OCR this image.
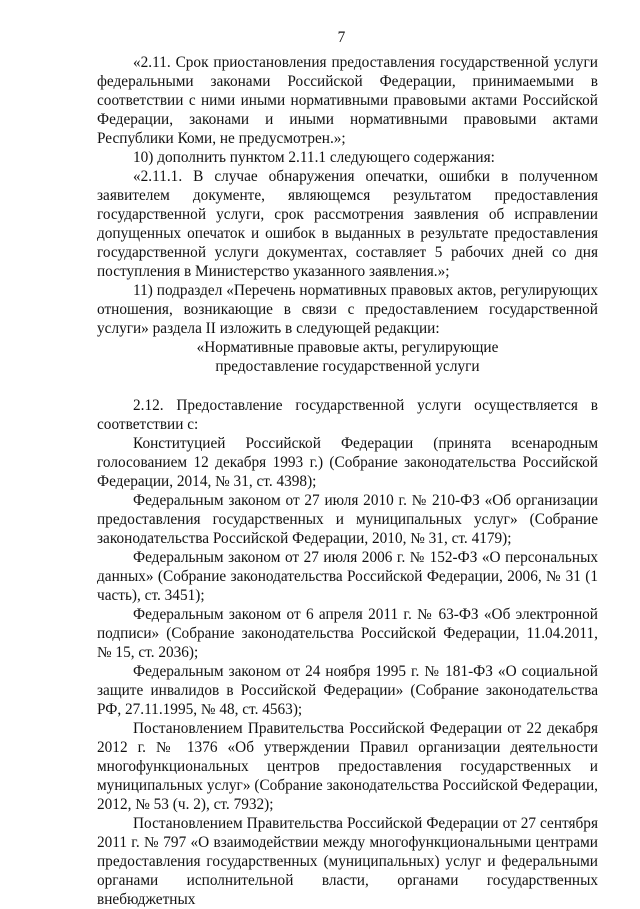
7

«2.11. Срок приостановления предоставления государственной услуги федеральными законами Российской Федерации, принимаемыми в соответствии с ними иными нормативными правовыми актами Российской Федерации, законами и иными нормативными правовыми актами Республики Коми, не предусмотрен.»;

10) дополнить пунктом 2.11.1 следующего содержания:

«2.11.1. В случае обнаружения опечатки, ошибки в полученном заявителем документе, являющемся результатом предоставления государственной услуги, срок рассмотрения заявления об исправлении допущенных опечаток и ошибок в выданных в результате предоставления государственной услуги документах, составляет 5 рабочих дней со дня поступления в Министерство указанного заявления.»;

11) подраздел «Перечень нормативных правовых актов, регулирующих отношения, возникающие в связи с предоставлением государственной услуги» раздела II изложить в следующей редакции:

«Нормативные правовые акты, регулирующие

предоставление государственной услуги

2.12. Предоставление государственной услуги осуществляется в соответствии с:

Конституцией Российской Федерации (принята всенародным голосованием 12 декабря 1993 г.) (Собрание законодательства Российской Федерации, 2014, № 31, ст. 4398);

Федеральным законом от 27 июля 2010 г. № 210-ФЗ «Об организации предоставления государственных и муниципальных услуг» (Собрание законодательства Российской Федерации, 2010, № 31, ст. 4179);

Федеральным законом от 27 июля 2006 г. № 152-ФЗ «О персональных данных» (Собрание законодательства Российской Федерации, 2006, № 31 (1 часть), ст. 3451);

Федеральным законом от 6 апреля 2011 г. № 63-ФЗ «Об электронной подписи» (Собрание законодательства Российской Федерации, 11.04.2011, № 15, ст. 2036);

Федеральным законом от 24 ноября 1995 г. № 181-ФЗ «О социальной защите инвалидов в Российской Федерации» (Собрание законодательства РФ, 27.11.1995, № 48, ст. 4563);

Постановлением Правительства Российской Федерации от 22 декабря 2012 г. № 1376 «Об утверждении Правил организации деятельности многофункциональных центров предоставления государственных и муниципальных услуг» (Собрание законодательства Российской Федерации, 2012, № 53 (ч. 2), ст. 7932);

Постановлением Правительства Российской Федерации от 27 сентября 2011 г. № 797 «О взаимодействии между многофункциональными центрами предоставления государственных (муниципальных) услуг и федеральными органами исполнительной власти, органами государственных внебюджетных
